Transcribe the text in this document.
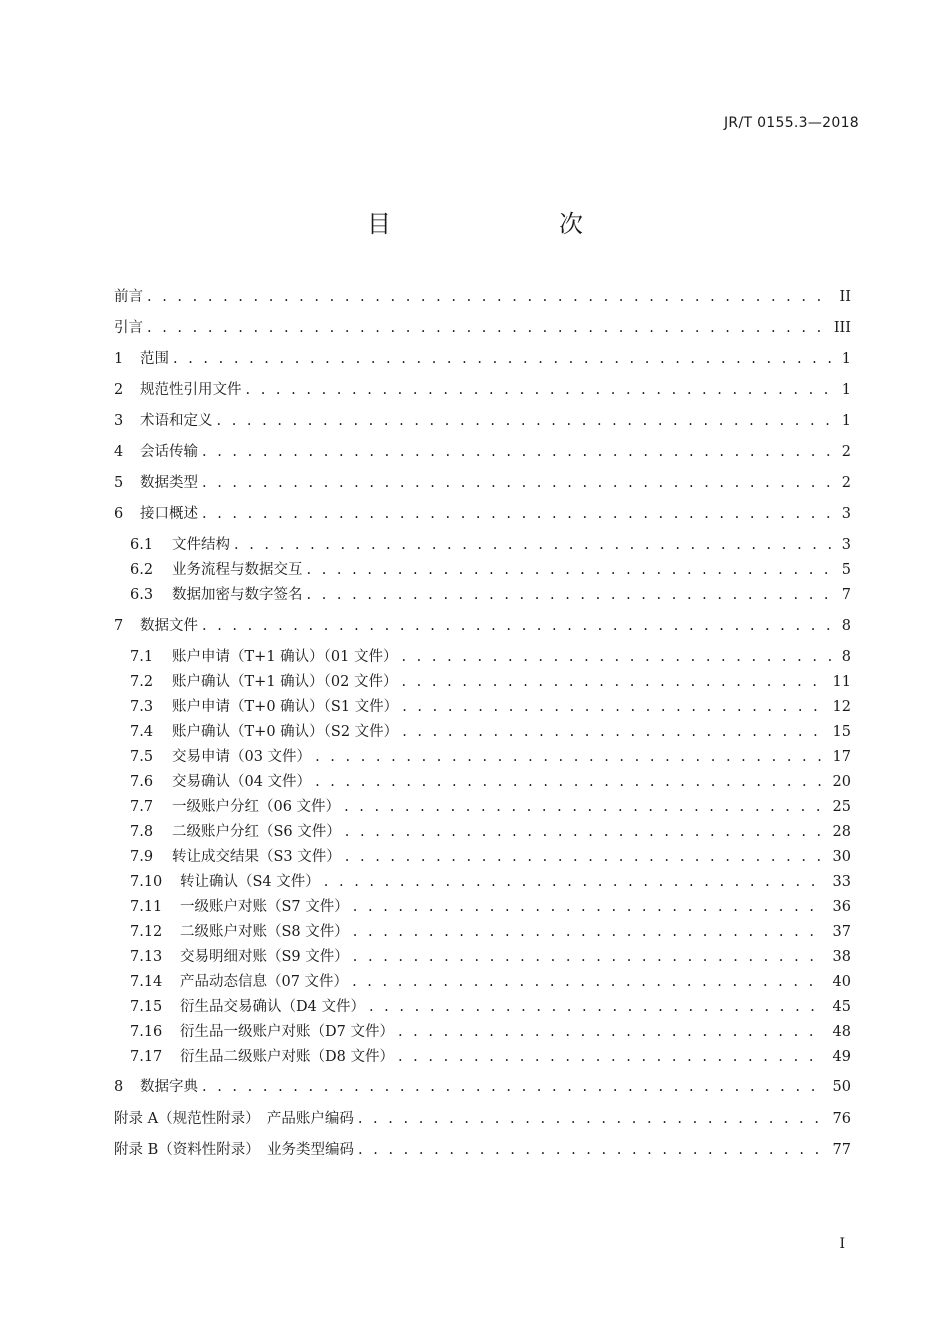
JR/T 0155.3—2018
目　　次
前言 . . .	II
引言 . . .	III
1 范围 . . .	1
2 规范性引用文件 . . .	1
3 术语和定义 . . .	1
4 会话传输 . . .	2
5 数据类型 . . .	2
6 接口概述 . . .	3
6.1 文件结构 . . .	3
6.2 业务流程与数据交互 . . .	5
6.3 数据加密与数字签名 . . .	7
7 数据文件 . . .	8
7.1 账户申请（T+1 确认）（01 文件） . . .	8
7.2 账户确认（T+1 确认）（02 文件） . . .	11
7.3 账户申请（T+0 确认）（S1 文件） . . .	12
7.4 账户确认（T+0 确认）（S2 文件） . . .	15
7.5 交易申请（03 文件） . . .	17
7.6 交易确认（04 文件） . . .	20
7.7 一级账户分红（06 文件） . . .	25
7.8 二级账户分红（S6 文件） . . .	28
7.9 转让成交结果（S3 文件） . . .	30
7.10 转让确认（S4 文件） . . .	33
7.11 一级账户对账（S7 文件） . . .	36
7.12 二级账户对账（S8 文件） . . .	37
7.13 交易明细对账（S9 文件） . . .	38
7.14 产品动态信息（07 文件） . . .	40
7.15 衍生品交易确认（D4 文件） . . .	45
7.16 衍生品一级账户对账（D7 文件） . . .	48
7.17 衍生品二级账户对账（D8 文件） . . .	49
8 数据字典 . . .	50
附录 A（规范性附录）　产品账户编码 . . .	76
附录 B（资料性附录）　业务类型编码 . . .	77
I
